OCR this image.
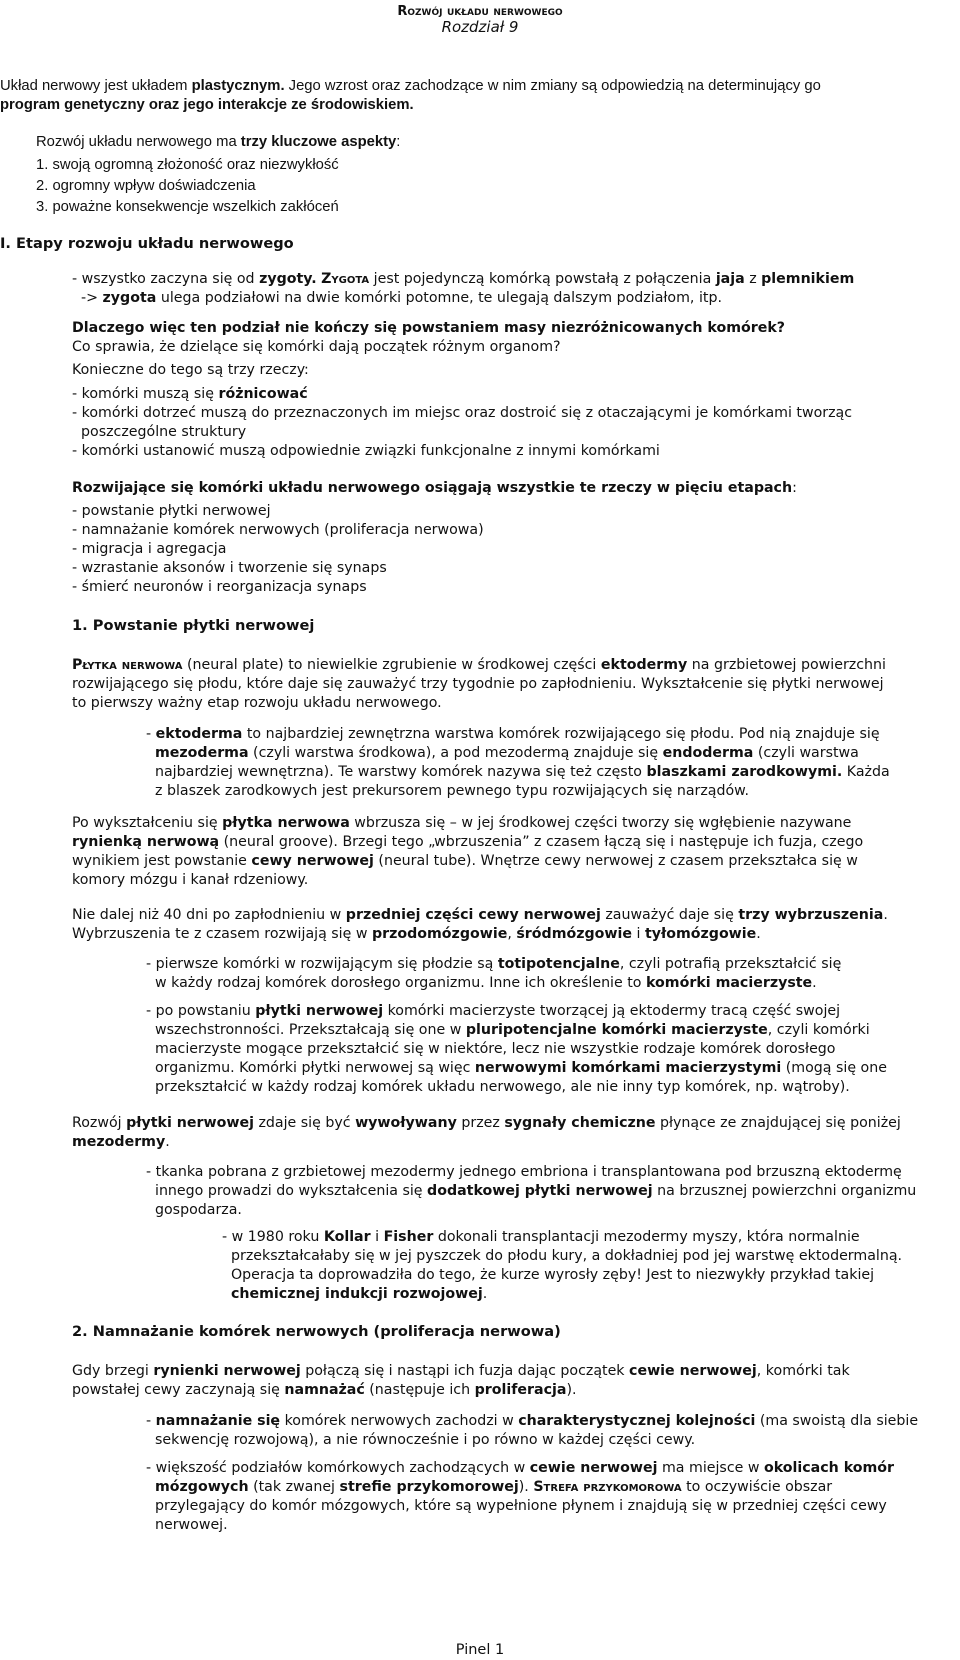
Rozwój układu nerwowego
Rozdział 9

Układ nerwowy jest układem plastycznym. Jego wzrost oraz zachodzące w nim zmiany są odpowiedzią na determinujący go

program genetyczny oraz jego interakcje ze środowiskiem.

Rozwój układu nerwowego ma trzy kluczowe aspekty:

1. swoją ogromną złożoność oraz niezwykłość
2. ogromny wpływ doświadczenia
3. poważne konsekwencje wszelkich zakłóceń
I. Etapy rozwoju układu nerwowego

- wszystko zaczyna się od zygoty. Zygota jest pojedynczą komórką powstałą z połączenia jaja z plemnikiem

-> zygota ulega podziałowi na dwie komórki potomne, te ulegają dalszym podziałom, itp.

Dlaczego więc ten podział nie kończy się powstaniem masy niezróżnicowanych komórek?
Co sprawia, że dzielące się komórki dają początek różnym organom?
Konieczne do tego są trzy rzeczy:

- komórki muszą się różnicować

- komórki dotrzeć muszą do przeznaczonych im miejsc oraz dostroić się z otaczającymi je komórkami tworząc
poszczególne struktury
- komórki ustanowić muszą odpowiednie związki funkcjonalne z innymi komórkami

Rozwijające się komórki układu nerwowego osiągają wszystkie te rzeczy w pięciu etapach:

- powstanie płytki nerwowej
- namnażanie komórek nerwowych (proliferacja nerwowa)
- migracja i agregacja
- wzrastanie aksonów i tworzenie się synaps
- śmierć neuronów i reorganizacja synaps
1. Powstanie płytki nerwowej

Płytka nerwowa (neural plate) to niewielkie zgrubienie w środkowej części ektodermy na grzbietowej powierzchni

rozwijającego się płodu, które daje się zauważyć trzy tygodnie po zapłodnieniu. Wykształcenie się płytki nerwowej
to pierwszy ważny etap rozwoju układu nerwowego.

- ektoderma to najbardziej zewnętrzna warstwa komórek rozwijającego się płodu. Pod nią znajduje się

mezoderma (czyli warstwa środkowa), a pod mezodermą znajduje się endoderma (czyli warstwa

najbardziej wewnętrzna). Te warstwy komórek nazywa się też często blaszkami zarodkowymi. Każda

z blaszek zarodkowych jest prekursorem pewnego typu rozwijających się narządów.

Po wykształceniu się płytka nerwowa wbrzusza się – w jej środkowej części tworzy się wgłębienie nazywane

rynienką nerwową (neural groove). Brzegi tego „wbrzuszenia” z czasem łączą się i następuje ich fuzja, czego

wynikiem jest powstanie cewy nerwowej (neural tube). Wnętrze cewy nerwowej z czasem przekształca się w

komory mózgu i kanał rdzeniowy.

Nie dalej niż 40 dni po zapłodnieniu w przedniej części cewy nerwowej zauważyć daje się trzy wybrzuszenia.

Wybrzuszenia te z czasem rozwijają się w przodomózgowie, śródmózgowie i tyłomózgowie.

- pierwsze komórki w rozwijającym się płodzie są totipotencjalne, czyli potrafią przekształcić się

w każdy rodzaj komórek dorosłego organizmu. Inne ich określenie to komórki macierzyste.

- po powstaniu płytki nerwowej komórki macierzyste tworzącej ją ektodermy tracą część swojej

wszechstronności. Przekształcają się one w pluripotencjalne komórki macierzyste, czyli komórki

macierzyste mogące przekształcić się w niektóre, lecz nie wszystkie rodzaje komórek dorosłego

organizmu. Komórki płytki nerwowej są więc nerwowymi komórkami macierzystymi (mogą się one

przekształcić w każdy rodzaj komórek układu nerwowego, ale nie inny typ komórek, np. wątroby).

Rozwój płytki nerwowej zdaje się być wywoływany przez sygnały chemiczne płynące ze znajdującej się poniżej

mezodermy.

- tkanka pobrana z grzbietowej mezodermy jednego embriona i transplantowana pod brzuszną ektodermę

innego prowadzi do wykształcenia się dodatkowej płytki nerwowej na brzusznej powierzchni organizmu

gospodarza.

- w 1980 roku Kollar i Fisher dokonali transplantacji mezodermy myszy, która normalnie

przekształcałaby się w jej pyszczek do płodu kury, a dokładniej pod jej warstwę ektodermalną.
Operacja ta doprowadziła do tego, że kurze wyrosły zęby! Jest to niezwykły przykład takiej

chemicznej indukcji rozwojowej.

2. Namnażanie komórek nerwowych (proliferacja nerwowa)

Gdy brzegi rynienki nerwowej połączą się i nastąpi ich fuzja dając początek cewie nerwowej, komórki tak

powstałej cewy zaczynają się namnażać (następuje ich proliferacja).

- namnażanie się komórek nerwowych zachodzi w charakterystycznej kolejności (ma swoistą dla siebie

sekwencję rozwojową), a nie równocześnie i po równo w każdej części cewy.

- większość podziałów komórkowych zachodzących w cewie nerwowej ma miejsce w okolicach komór

mózgowych (tak zwanej strefie przykomorowej). Strefa przykomorowa to oczywiście obszar

przylegający do komór mózgowych, które są wypełnione płynem i znajdują się w przedniej części cewy
nerwowej.
Pinel 1
